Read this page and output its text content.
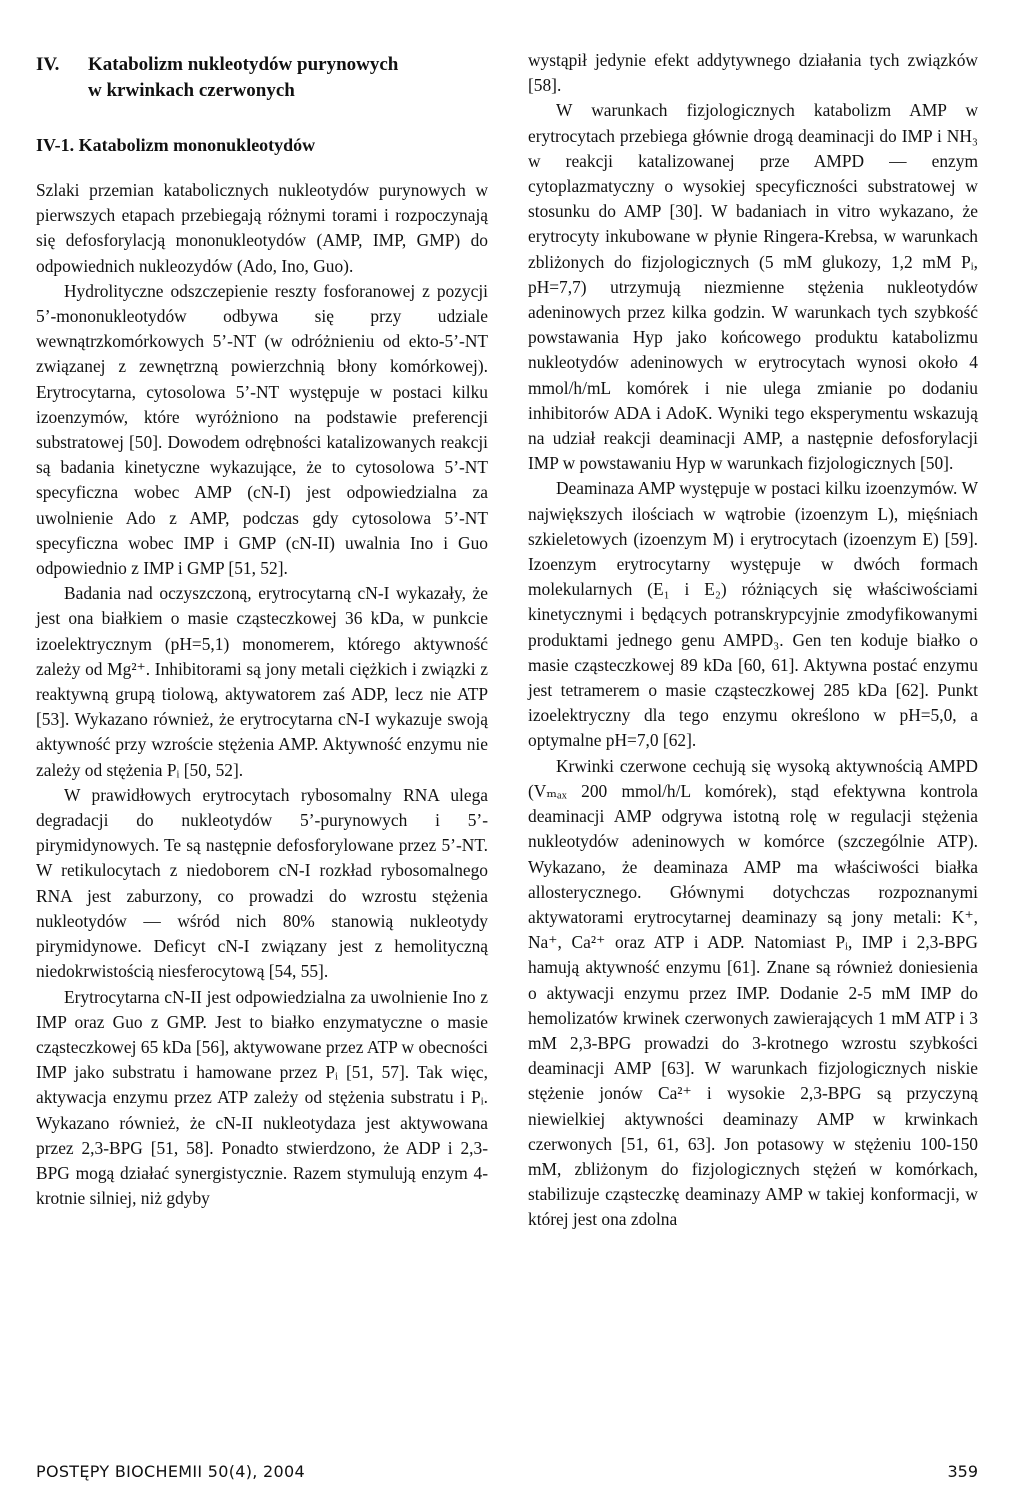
IV.	Katabolizm nukleotydów purynowych
w krwinkach czerwonych
IV-1. Katabolizm mononukleotydów

Szlaki przemian katabolicznych nukleotydów purynowych w pierwszych etapach przebiegają różnymi torami i rozpoczynają się defosforylacją mononukleotydów (AMP, IMP, GMP) do odpowiednich nukleozydów (Ado, Ino, Guo).

Hydrolityczne odszczepienie reszty fosforanowej z pozycji 5’-mononukleotydów odbywa się przy udziale wewnątrzkomórkowych 5’-NT (w odróżnieniu od ekto-5’-NT związanej z zewnętrzną powierzchnią błony komórkowej). Erytrocytarna, cytosolowa 5’-NT występuje w postaci kilku izoenzymów, które wyróżniono na podstawie preferencji substratowej [50]. Dowodem odrębności katalizowanych reakcji są badania kinetyczne wykazujące, że to cytosolowa 5’-NT specyficzna wobec AMP (cN-I) jest odpowiedzialna za uwolnienie Ado z AMP, podczas gdy cytosolowa 5’-NT specyficzna wobec IMP i GMP (cN-II) uwalnia Ino i Guo odpowiednio z IMP i GMP [51, 52].

Badania nad oczyszczoną, erytrocytarną cN-I wykazały, że jest ona białkiem o masie cząsteczkowej 36 kDa, w punkcie izoelektrycznym (pH=5,1) monomerem, którego aktywność zależy od Mg²⁺. Inhibitorami są jony metali ciężkich i związki z reaktywną grupą tiolową, aktywatorem zaś ADP, lecz nie ATP [53]. Wykazano również, że erytrocytarna cN-I wykazuje swoją aktywność przy wzroście stężenia AMP. Aktywność enzymu nie zależy od stężenia Pᵢ [50, 52].

W prawidłowych erytrocytach rybosomalny RNA ulega degradacji do nukleotydów 5’-purynowych i 5’-pirymidynowych. Te są następnie defosforylowane przez 5’-NT. W retikulocytach z niedoborem cN-I rozkład rybosomalnego RNA jest zaburzony, co prowadzi do wzrostu stężenia nukleotydów — wśród nich 80% stanowią nukleotydy pirymidynowe. Deficyt cN-I związany jest z hemolityczną niedokrwistością niesferocytową [54, 55].

Erytrocytarna cN-II jest odpowiedzialna za uwolnienie Ino z IMP oraz Guo z GMP. Jest to białko enzymatyczne o masie cząsteczkowej 65 kDa [56], aktywowane przez ATP w obecności IMP jako substratu i hamowane przez Pᵢ [51, 57]. Tak więc, aktywacja enzymu przez ATP zależy od stężenia substratu i Pᵢ. Wykazano również, że cN-II nukleotydaza jest aktywowana przez 2,3-BPG [51, 58]. Ponadto stwierdzono, że ADP i 2,3-BPG mogą działać synergistycznie. Razem stymulują enzym 4-krotnie silniej, niż gdyby

wystąpił jedynie efekt addytywnego działania tych związków [58].

W warunkach fizjologicznych katabolizm AMP w erytrocytach przebiega głównie drogą deaminacji do IMP i NH₃ w reakcji katalizowanej prze AMPD — enzym cytoplazmatyczny o wysokiej specyficzności substratowej w stosunku do AMP [30]. W badaniach in vitro wykazano, że erytrocyty inkubowane w płynie Ringera-Krebsa, w warunkach zbliżonych do fizjologicznych (5 mM glukozy, 1,2 mM Pᵢ, pH=7,7) utrzymują niezmienne stężenia nukleotydów adeninowych przez kilka godzin. W warunkach tych szybkość powstawania Hyp jako końcowego produktu katabolizmu nukleotydów adeninowych w erytrocytach wynosi około 4 mmol/h/mL komórek i nie ulega zmianie po dodaniu inhibitorów ADA i AdoK. Wyniki tego eksperymentu wskazują na udział reakcji deaminacji AMP, a następnie defosforylacji IMP w powstawaniu Hyp w warunkach fizjologicznych [50].

Deaminaza AMP występuje w postaci kilku izoenzymów. W największych ilościach w wątrobie (izoenzym L), mięśniach szkieletowych (izoenzym M) i erytrocytach (izoenzym E) [59]. Izoenzym erytrocytarny występuje w dwóch formach molekularnych (E₁ i E₂) różniących się właściwościami kinetycznymi i będących potranskrypcyjnie zmodyfikowanymi produktami jednego genu AMPD₃. Gen ten koduje białko o masie cząsteczkowej 89 kDa [60, 61]. Aktywna postać enzymu jest tetramerem o masie cząsteczkowej 285 kDa [62]. Punkt izoelektryczny dla tego enzymu określono w pH=5,0, a optymalne pH=7,0 [62].

Krwinki czerwone cechują się wysoką aktywnością AMPD (Vₘₐₓ 200 mmol/h/L komórek), stąd efektywna kontrola deaminacji AMP odgrywa istotną rolę w regulacji stężenia nukleotydów adeninowych w komórce (szczególnie ATP). Wykazano, że deaminaza AMP ma właściwości białka allosterycznego. Głównymi dotychczas rozpoznanymi aktywatorami erytrocytarnej deaminazy są jony metali: K⁺, Na⁺, Ca²⁺ oraz ATP i ADP. Natomiast Pᵢ, IMP i 2,3-BPG hamują aktywność enzymu [61]. Znane są również doniesienia o aktywacji enzymu przez IMP. Dodanie 2-5 mM IMP do hemolizatów krwinek czerwonych zawierających 1 mM ATP i 3 mM 2,3-BPG prowadzi do 3-krotnego wzrostu szybkości deaminacji AMP [63]. W warunkach fizjologicznych niskie stężenie jonów Ca²⁺ i wysokie 2,3-BPG są przyczyną niewielkiej aktywności deaminazy AMP w krwinkach czerwonych [51, 61, 63]. Jon potasowy w stężeniu 100-150 mM, zbliżonym do fizjologicznych stężeń w komórkach, stabilizuje cząsteczkę deaminazy AMP w takiej konformacji, w której jest ona zdolna

POSTĘPY BIOCHEMII 50(4), 2004	359
